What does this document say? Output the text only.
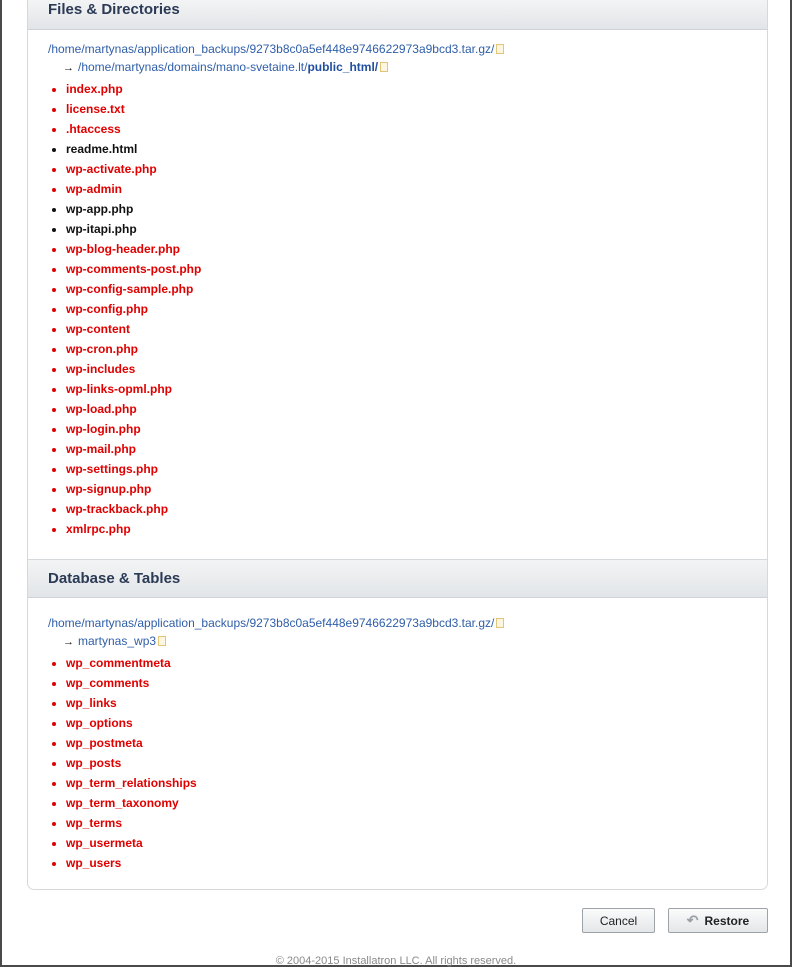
Files & Directories
/home/martynas/application_backups/9273b8c0a5ef448e9746622973a9bcd3.tar.gz/
→ /home/martynas/domains/mano-svetaine.lt/public_html/
index.php
license.txt
.htaccess
readme.html
wp-activate.php
wp-admin
wp-app.php
wp-itapi.php
wp-blog-header.php
wp-comments-post.php
wp-config-sample.php
wp-config.php
wp-content
wp-cron.php
wp-includes
wp-links-opml.php
wp-load.php
wp-login.php
wp-mail.php
wp-settings.php
wp-signup.php
wp-trackback.php
xmlrpc.php
Database & Tables
/home/martynas/application_backups/9273b8c0a5ef448e9746622973a9bcd3.tar.gz/
→ martynas_wp3
wp_commentmeta
wp_comments
wp_links
wp_options
wp_postmeta
wp_posts
wp_term_relationships
wp_term_taxonomy
wp_terms
wp_usermeta
wp_users
Cancel	↶ Restore
© 2004-2015 Installatron LLC. All rights reserved.
